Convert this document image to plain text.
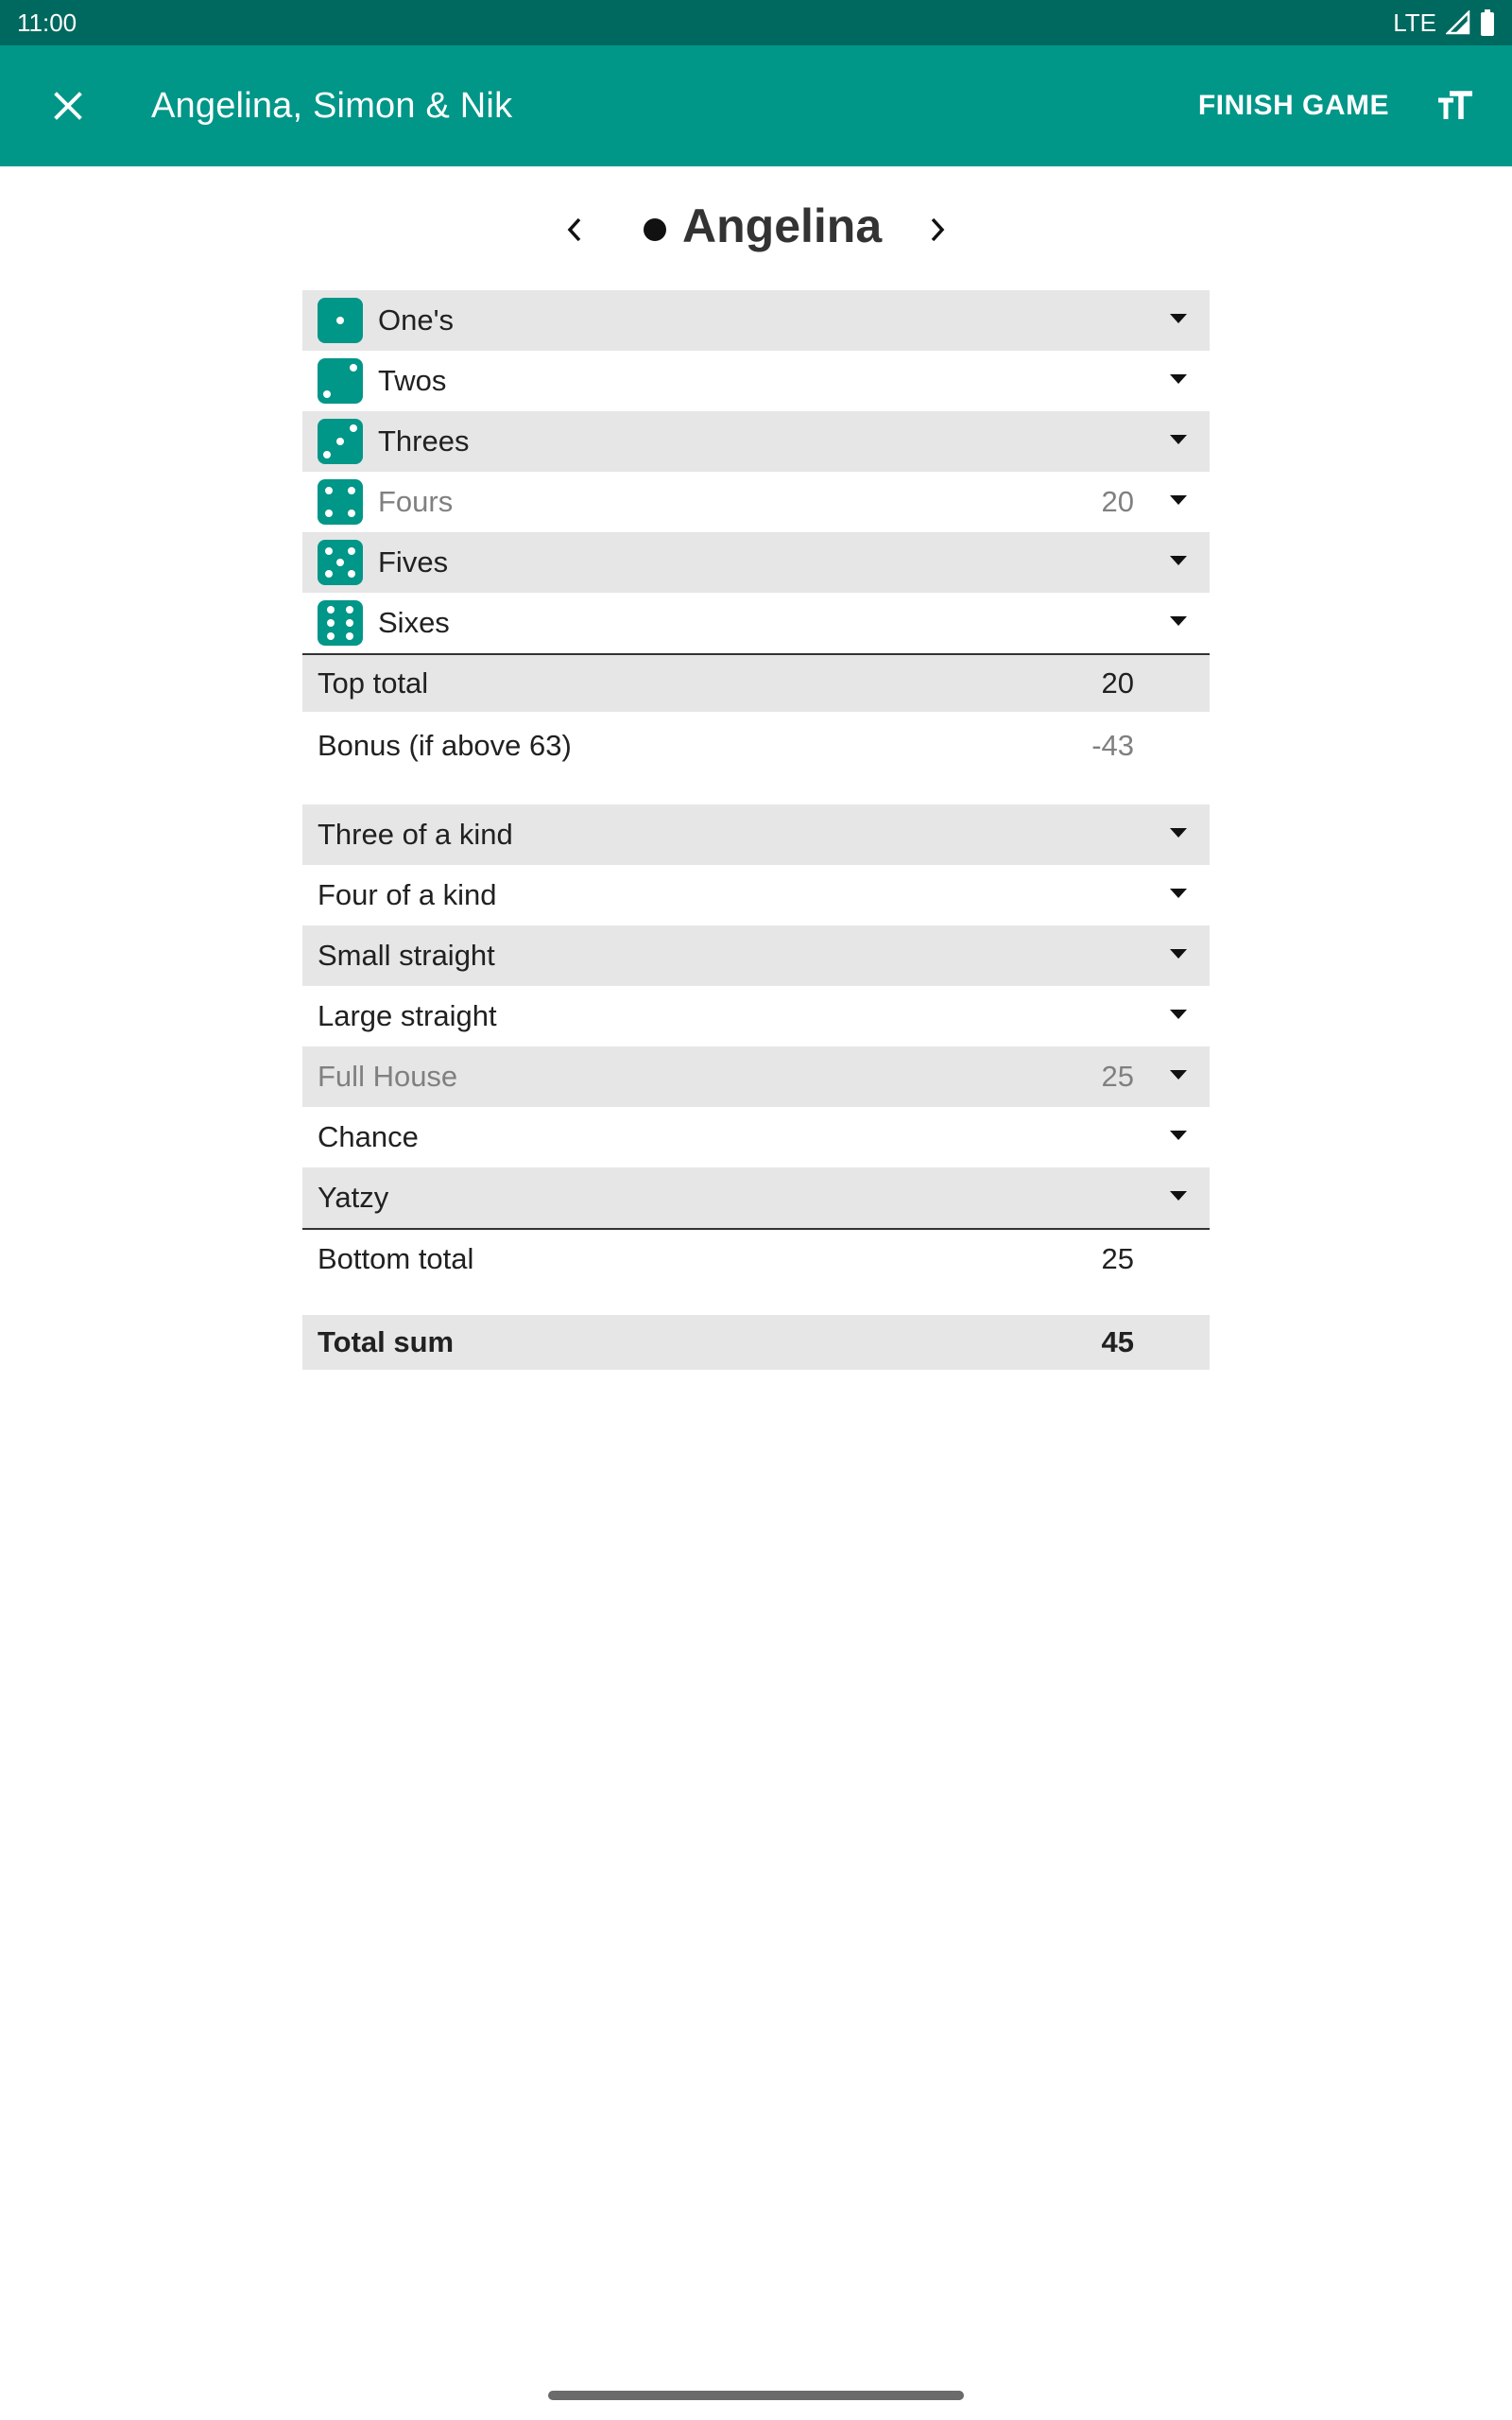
11:00	LTE
Angelina, Simon & Nik	FINISH GAME
Angelina
One's
Twos
Threes
Fours	20
Fives
Sixes
Top total	20
Bonus (if above 63)	-43
Three of a kind
Four of a kind
Small straight
Large straight
Full House	25
Chance
Yatzy
Bottom total	25
Total sum	45
